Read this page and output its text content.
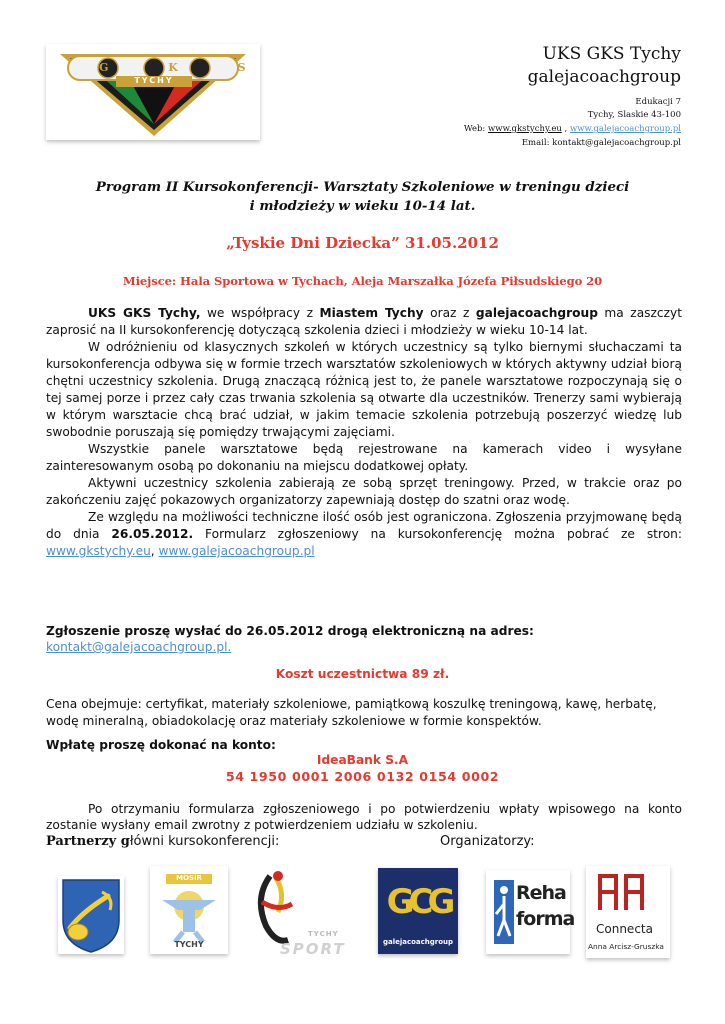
G K S
TYCHY
UKS GKS Tychy
galejacoachgroup
Edukacji 7
Tychy, Slaskie 43-100
Web: www.gkstychy.eu , www.galejacoachgroup.pl
Email: kontakt@galejacoachgroup.pl
Program II Kursokonferencji- Warsztaty Szkoleniowe w treningu dzieci
i młodzieży w wieku 10-14 lat.
„Tyskie Dni Dziecka” 31.05.2012
Miejsce: Hala Sportowa w Tychach, Aleja Marszałka Józefa Piłsudskiego 20

UKS GKS Tychy, we współpracy z Miastem Tychy oraz z galejacoachgroup ma zaszczyt zaprosić na II kursokonferencję dotyczącą szkolenia dzieci i młodzieży w wieku 10-14 lat.

W odróżnieniu od klasycznych szkoleń w których uczestnicy są tylko biernymi słuchaczami ta kursokonferencja odbywa się w formie trzech warsztatów szkoleniowych w których aktywny udział biorą chętni uczestnicy szkolenia. Drugą znaczącą różnicą jest to, że panele warsztatowe rozpoczynają się o tej samej porze i przez cały czas trwania szkolenia są otwarte dla uczestników. Trenerzy sami wybierają w którym warsztacie chcą brać udział, w jakim temacie szkolenia potrzebują poszerzyć wiedzę lub swobodnie poruszają się pomiędzy trwającymi zajęciami.

Wszystkie panele warsztatowe będą rejestrowane na kamerach video i wysyłane zainteresowanym osobą po dokonaniu na miejscu dodatkowej opłaty.

Aktywni uczestnicy szkolenia zabierają ze sobą sprzęt treningowy. Przed, w trakcie oraz po zakończeniu zajęć pokazowych organizatorzy zapewniają dostęp do szatni oraz wodę.

Ze względu na możliwości techniczne ilość osób jest ograniczona. Zgłoszenia przyjmowanę będą do dnia 26.05.2012. Formularz zgłoszeniowy na kursokonferencję można pobrać ze stron: www.gkstychy.eu, www.galejacoachgroup.pl

Zgłoszenie proszę wysłać do 26.05.2012 drogą elektroniczną na adres:
kontakt@galejacoachgroup.pl.
Koszt uczestnictwa 89 zł.
Cena obejmuje: certyfikat, materiały szkoleniowe, pamiątkową koszulkę treningową, kawę, herbatę, wodę mineralną, obiadokolację oraz materiały szkoleniowe w formie konspektów.
Wpłatę proszę dokonać na konto:
IdeaBank S.A
54 1950 0001 2006 0132 0154 0002

Po otrzymaniu formularza zgłoszeniowego i po potwierdzeniu wpłaty wpisowego na konto zostanie wysłany email zwrotny z potwierdzeniem udziału w szkoleniu.

Partnerzy główni kursokonferencji:	Organizatorzy:
MOSiR
TYCHY
TYCHY
SPORT
GCG
galejacoachgroup
Reha
forma Connecta
Anna Arcisz-Gruszka
